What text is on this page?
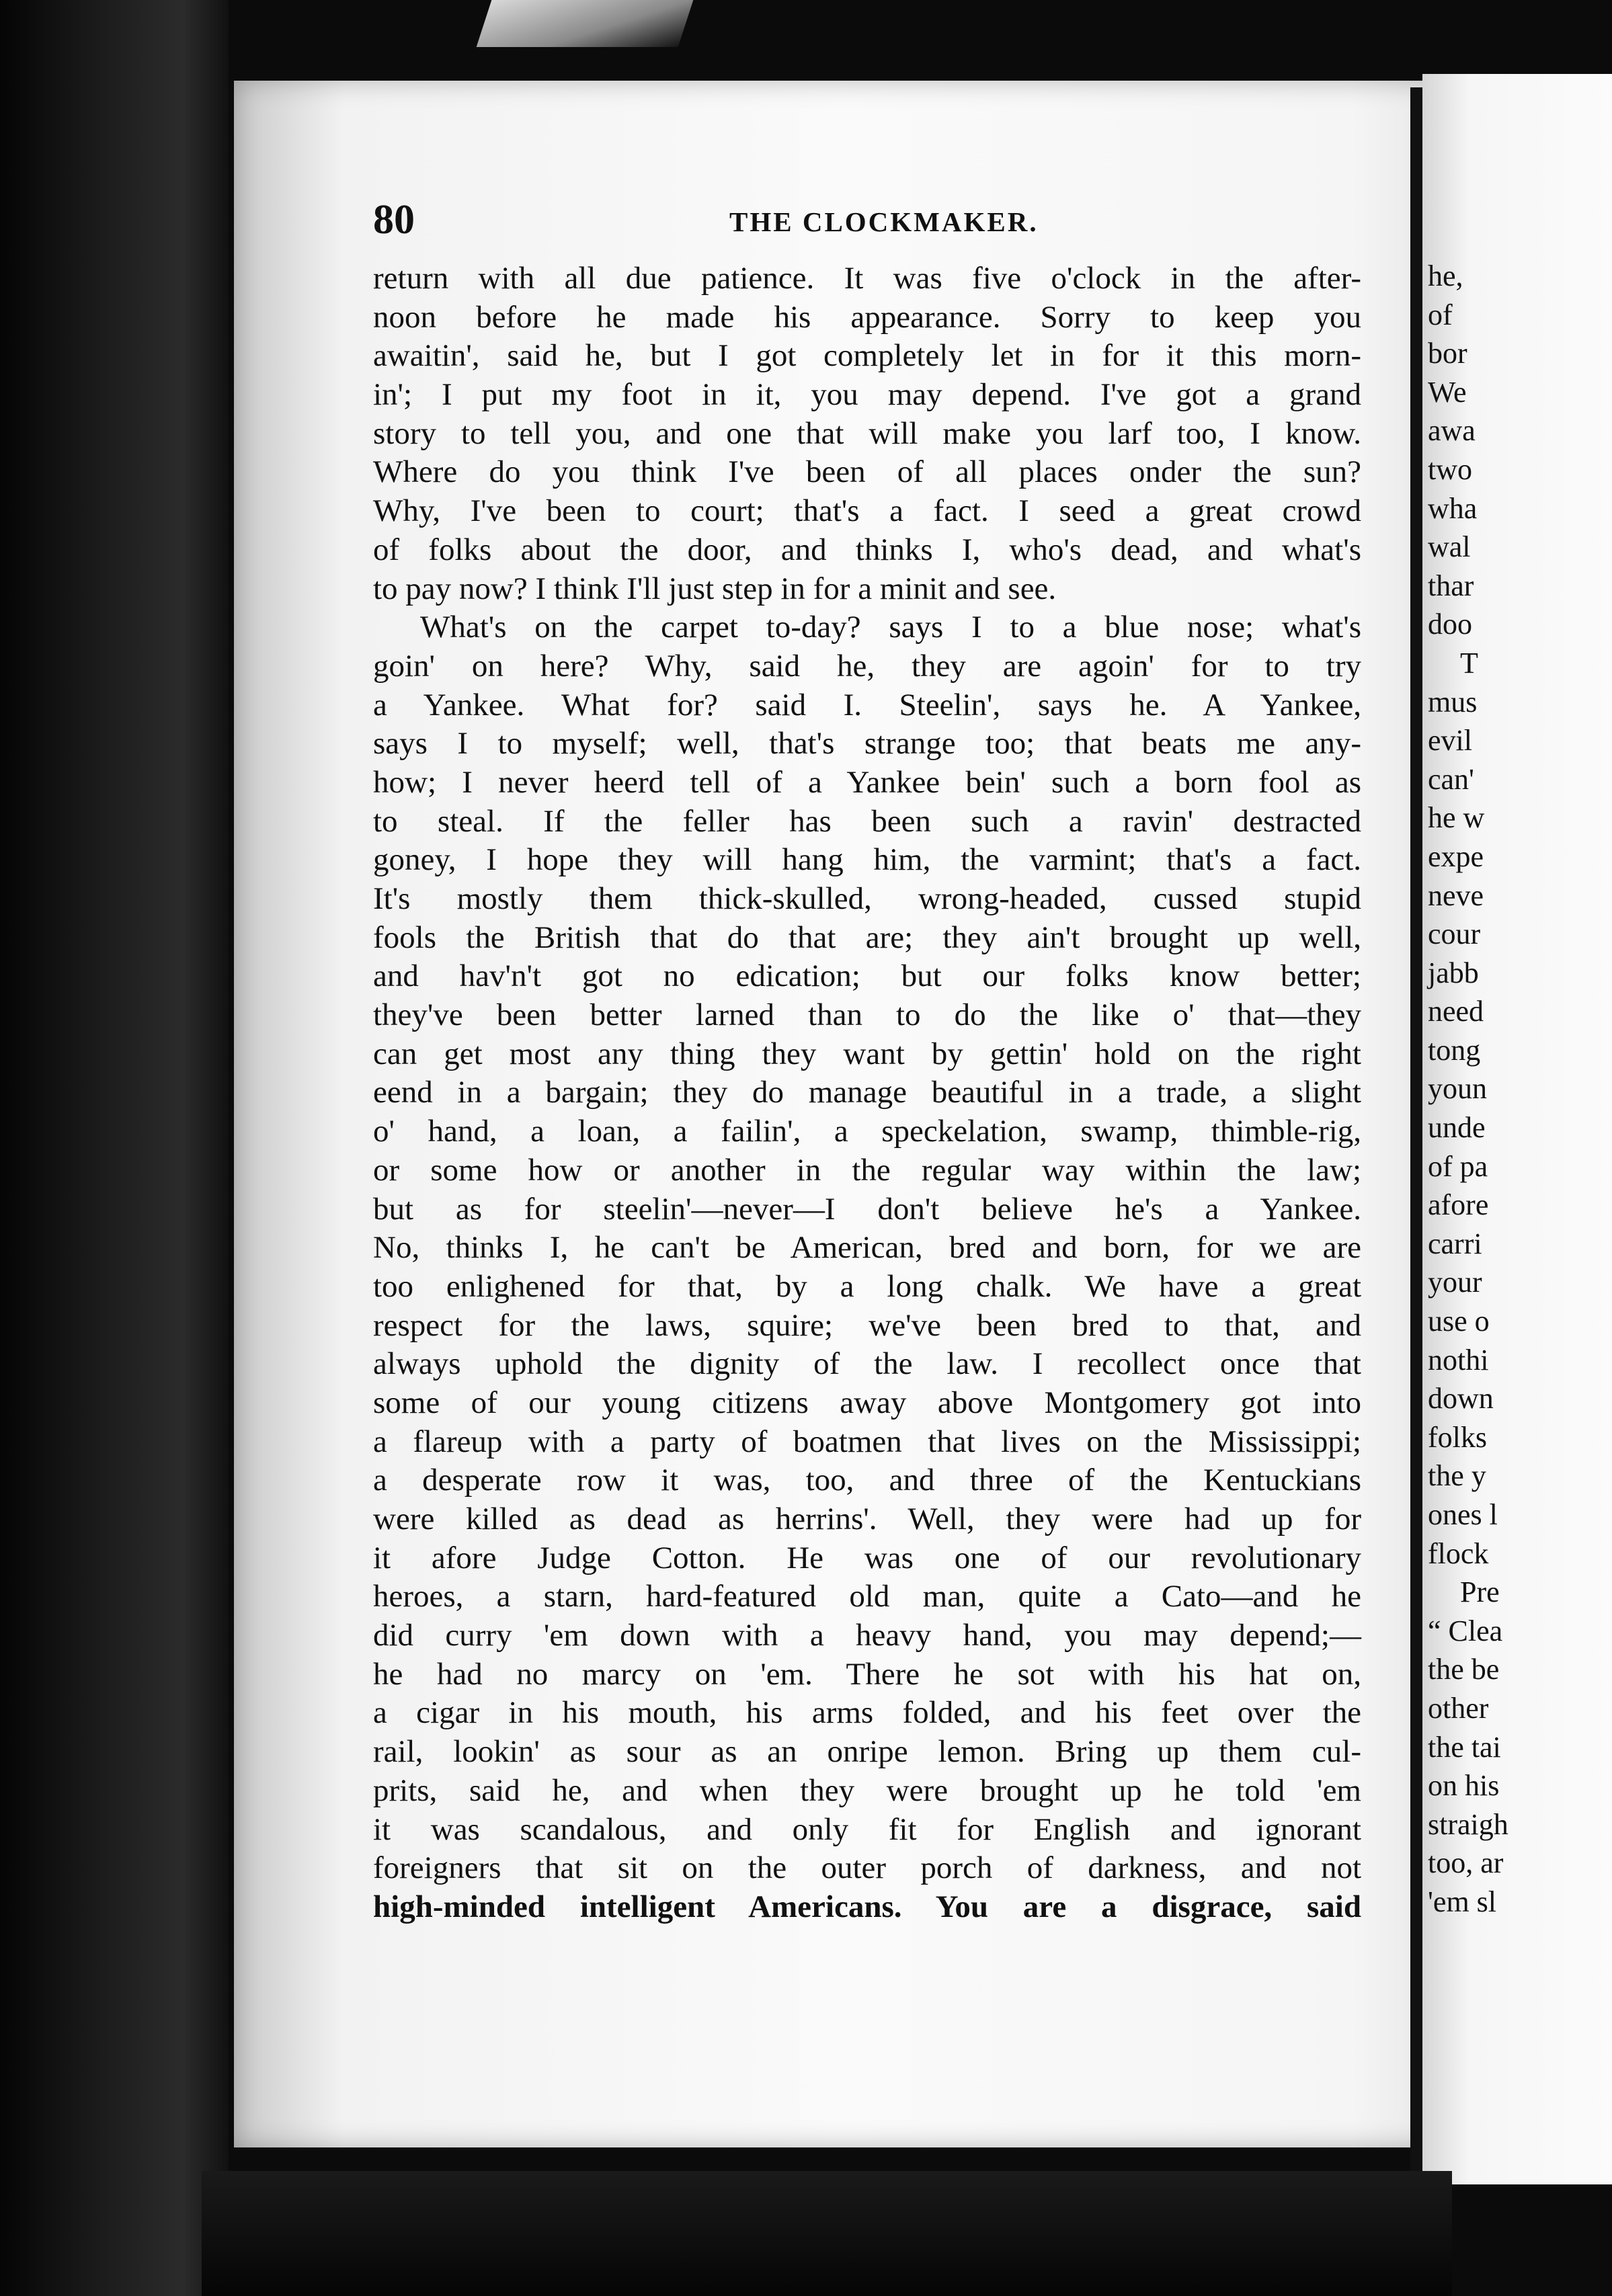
he,
of
bor
We
awa
two
wha
wal
thar
doo
T
mus
evil
can'
he w
expe
neve
cour
jabb
need
tong
youn
unde
of pa
afore
carri
your
use o
nothi
down
folks
the y
ones l
flock
Pre
“ Clea
the be
other
the tai
on his
straigh
too, ar
'em sl
80	THE CLOCKMAKER.
return with all due patience. It was five o'clock in the after-
noon before he made his appearance. Sorry to keep you
awaitin', said he, but I got completely let in for it this morn-
in'; I put my foot in it, you may depend. I've got a grand
story to tell you, and one that will make you larf too, I know.
Where do you think I've been of all places onder the sun?
Why, I've been to court; that's a fact. I seed a great crowd
of folks about the door, and thinks I, who's dead, and what's
to pay now? I think I'll just step in for a minit and see.
What's on the carpet to-day? says I to a blue nose; what's
goin' on here? Why, said he, they are agoin' for to try
a Yankee. What for? said I. Steelin', says he. A Yankee,
says I to myself; well, that's strange too; that beats me any-
how; I never heerd tell of a Yankee bein' such a born fool as
to steal. If the feller has been such a ravin' destracted
goney, I hope they will hang him, the varmint; that's a fact.
It's mostly them thick-skulled, wrong-headed, cussed stupid
fools the British that do that are; they ain't brought up well,
and hav'n't got no edication; but our folks know better;
they've been better larned than to do the like o' that—they
can get most any thing they want by gettin' hold on the right
eend in a bargain; they do manage beautiful in a trade, a slight
o' hand, a loan, a failin', a speckelation, swamp, thimble-rig,
or some how or another in the regular way within the law;
but as for steelin'—never—I don't believe he's a Yankee.
No, thinks I, he can't be American, bred and born, for we are
too enlighened for that, by a long chalk. We have a great
respect for the laws, squire; we've been bred to that, and
always uphold the dignity of the law. I recollect once that
some of our young citizens away above Montgomery got into
a flareup with a party of boatmen that lives on the Mississippi;
a desperate row it was, too, and three of the Kentuckians
were killed as dead as herrins'. Well, they were had up for
it afore Judge Cotton. He was one of our revolutionary
heroes, a starn, hard-featured old man, quite a Cato—and he
did curry 'em down with a heavy hand, you may depend;—
he had no marcy on 'em. There he sot with his hat on,
a cigar in his mouth, his arms folded, and his feet over the
rail, lookin' as sour as an onripe lemon. Bring up them cul-
prits, said he, and when they were brought up he told 'em
it was scandalous, and only fit for English and ignorant
foreigners that sit on the outer porch of darkness, and not
high-minded intelligent Americans. You are a disgrace, said
